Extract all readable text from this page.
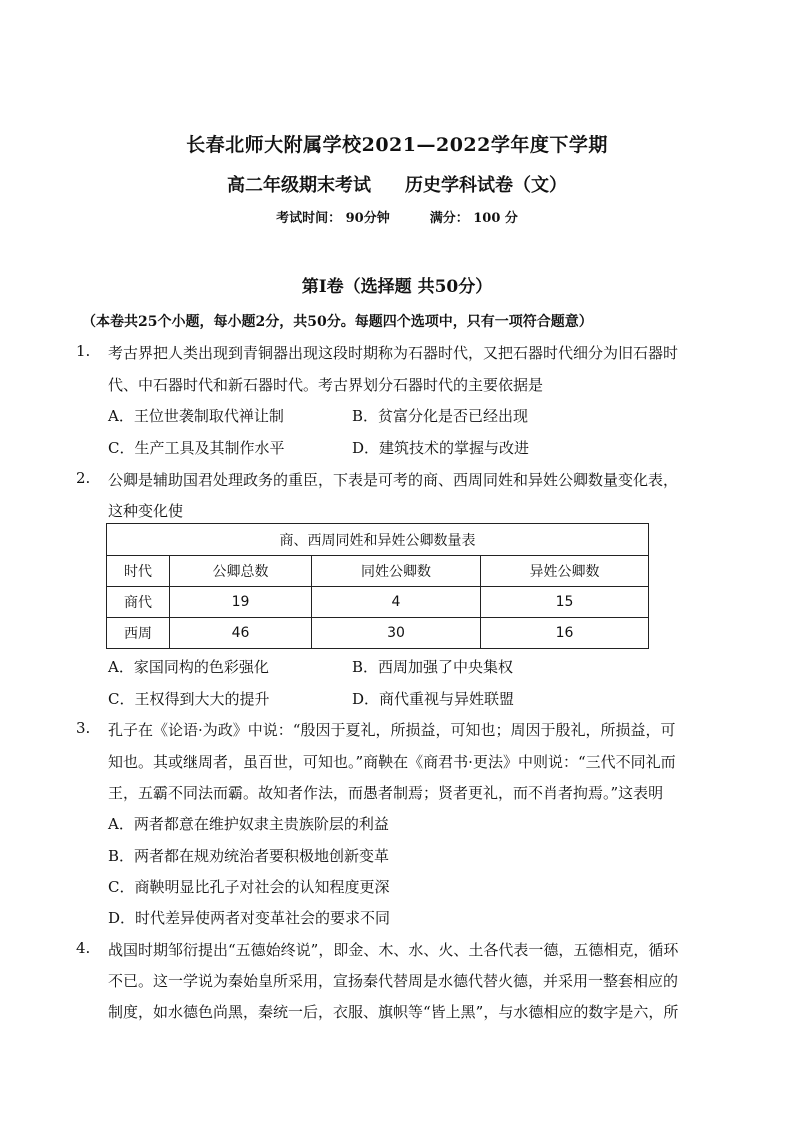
长春北师大附属学校2021—2022学年度下学期
高二年级期末考试 历史学科试卷（文）
考试时间： 90分钟	满分： 100 分
第Ⅰ卷（选择题 共50分）
（本卷共25个小题，每小题2分，共50分。每题四个选项中，只有一项符合题意）
1. 考古界把人类出现到青铜器出现这段时期称为石器时代，又把石器时代细分为旧石器时
代、中石器时代和新石器时代。考古界划分石器时代的主要依据是
A．王位世袭制取代禅让制	B．贫富分化是否已经出现
C．生产工具及其制作水平	D．建筑技术的掌握与改进
2. 公卿是辅助国君处理政务的重臣，下表是可考的商、西周同姓和异姓公卿数量变化表，
这种变化使
商、西周同姓和异姓公卿数量表			
时代	公卿总数	同姓公卿数	异姓公卿数
商代	19	4	15
西周	46	30	16
A．家国同构的色彩强化	B．西周加强了中央集权
C．王权得到大大的提升	D．商代重视与异姓联盟
3. 孔子在《论语·为政》中说：“殷因于夏礼，所损益，可知也；周因于殷礼，所损益，可
知也。其或继周者，虽百世，可知也。”商鞅在《商君书·更法》中则说：“三代不同礼而
王，五霸不同法而霸。故知者作法，而愚者制焉；贤者更礼，而不肖者拘焉。”这表明
A．两者都意在维护奴隶主贵族阶层的利益
B．两者都在规劝统治者要积极地创新变革
C．商鞅明显比孔子对社会的认知程度更深
D．时代差异使两者对变革社会的要求不同
4. 战国时期邹衍提出“五德始终说”，即金、木、水、火、土各代表一德，五德相克，循环
不已。这一学说为秦始皇所采用，宣扬秦代替周是水德代替火德，并采用一整套相应的
制度，如水德色尚黑，秦统一后，衣服、旗帜等“皆上黑”，与水德相应的数字是六，所
